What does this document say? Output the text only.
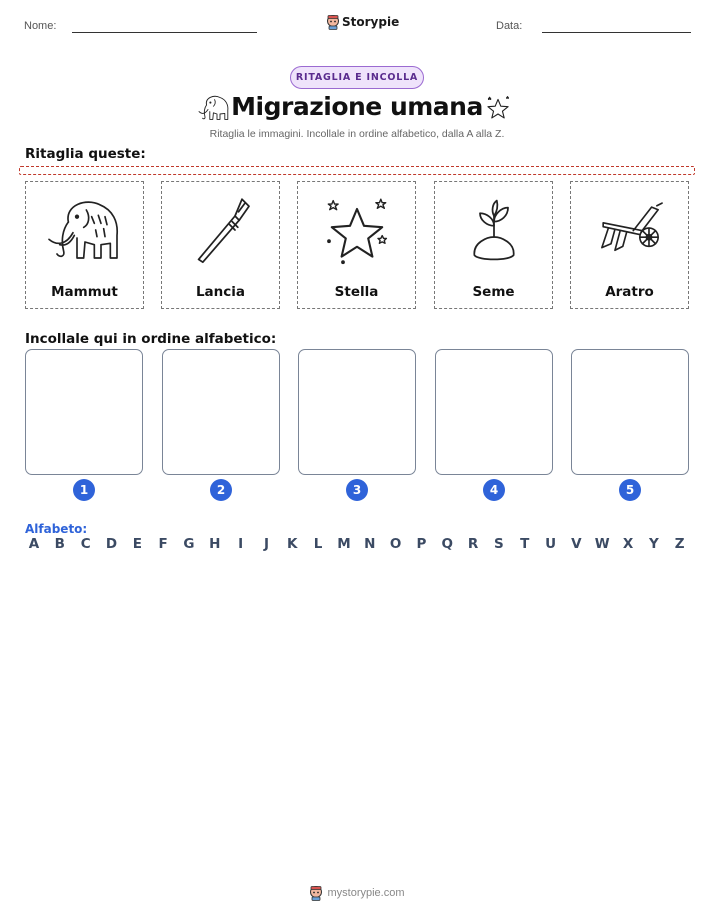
Nome:	Storypie	Data:
RITAGLIA E INCOLLA
Migrazione umana
Ritaglia le immagini. Incollale in ordine alfabetico, dalla A alla Z.
Ritaglia queste:
Mammut	Lancia	Stella	Seme	Aratro
Incollale qui in ordine alfabetico:
1	2	3	4	5
Alfabeto:
A B C D	E	F	G H	I	J	K	L	M N O P Q R	S	T	U V W X	Y	Z
mystorypie.com
